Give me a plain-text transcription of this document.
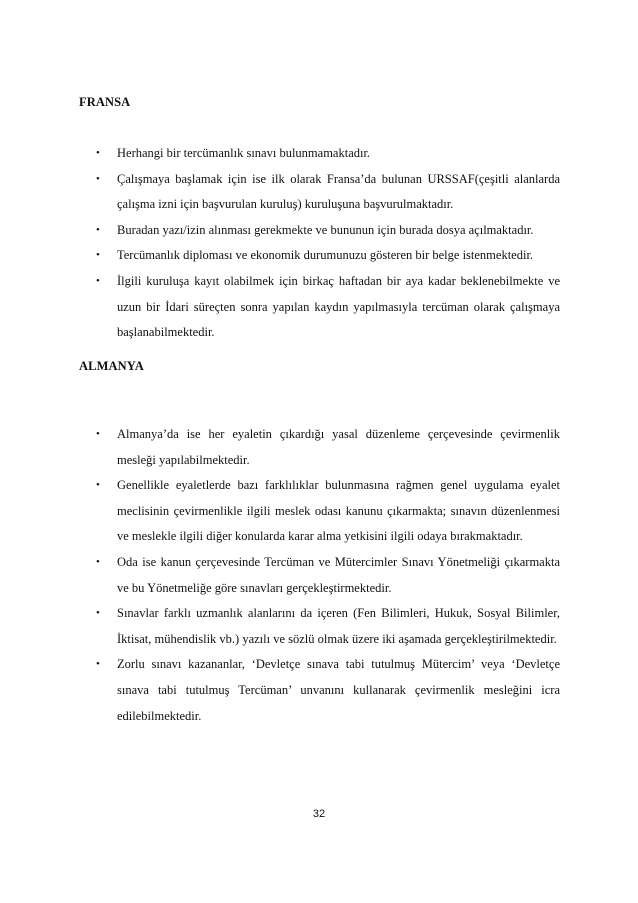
FRANSA
• Herhangi bir tercümanlık sınavı bulunmamaktadır.
• Çalışmaya başlamak için ise ilk olarak Fransa’da bulunan URSSAF(çeşitli alanlarda çalışma izni için başvurulan kuruluş) kuruluşuna başvurulmaktadır.
• Buradan yazı/izin alınması gerekmekte ve bununun için burada dosya açılmaktadır.
• Tercümanlık diploması ve ekonomik durumunuzu gösteren bir belge istenmektedir.
• İlgili kuruluşa kayıt olabilmek için birkaç haftadan bir aya kadar beklenebilmekte ve uzun bir İdari süreçten sonra yapılan kaydın yapılmasıyla tercüman olarak çalışmaya başlanabilmektedir.
ALMANYA
• Almanya’da ise her eyaletin çıkardığı yasal düzenleme çerçevesinde çevirmenlik mesleği yapılabilmektedir.
• Genellikle eyaletlerde bazı farklılıklar bulunmasına rağmen genel uygulama eyalet meclisinin çevirmenlikle ilgili meslek odası kanunu çıkarmakta; sınavın düzenlenmesi ve meslekle ilgili diğer konularda karar alma yetkisini ilgili odaya bırakmaktadır.
• Oda ise kanun çerçevesinde Tercüman ve Mütercimler Sınavı Yönetmeliği çıkarmakta ve bu Yönetmeliğe göre sınavları gerçekleştirmektedir.
• Sınavlar farklı uzmanlık alanlarını da içeren (Fen Bilimleri, Hukuk, Sosyal Bilimler, İktisat, mühendislik vb.) yazılı ve sözlü olmak üzere iki aşamada gerçekleştirilmektedir.
• Zorlu sınavı kazananlar, ‘Devletçe sınava tabi tutulmuş Mütercim’ veya ‘Devletçe sınava tabi tutulmuş Tercüman’ unvanını kullanarak çevirmenlik mesleğini icra edilebilmektedir.
32
